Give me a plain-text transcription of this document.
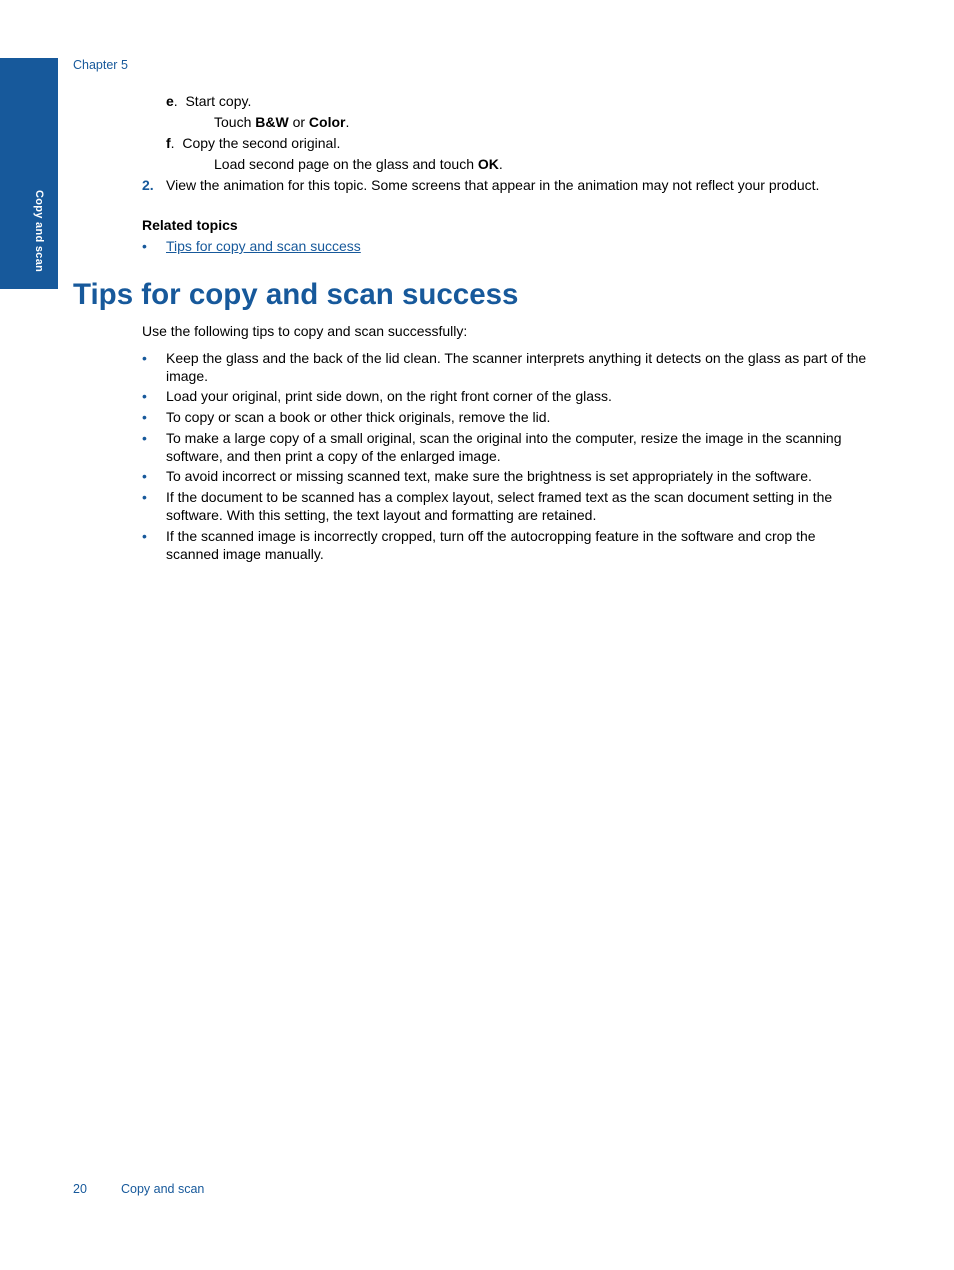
Copy and scan
Chapter 5
e.  Start copy.
Touch B&W or Color.
f.  Copy the second original.
Load second page on the glass and touch OK.
2. View the animation for this topic. Some screens that appear in the animation may not reflect your product.
Related topics
• Tips for copy and scan success
Tips for copy and scan success
Use the following tips to copy and scan successfully:
• Keep the glass and the back of the lid clean. The scanner interprets anything it detects on the glass as part of the image.
• Load your original, print side down, on the right front corner of the glass.
• To copy or scan a book or other thick originals, remove the lid.
• To make a large copy of a small original, scan the original into the computer, resize the image in the scanning software, and then print a copy of the enlarged image.
• To avoid incorrect or missing scanned text, make sure the brightness is set appropriately in the software.
• If the document to be scanned has a complex layout, select framed text as the scan document setting in the software. With this setting, the text layout and formatting are retained.
• If the scanned image is incorrectly cropped, turn off the autocropping feature in the software and crop the scanned image manually.
20	Copy and scan
